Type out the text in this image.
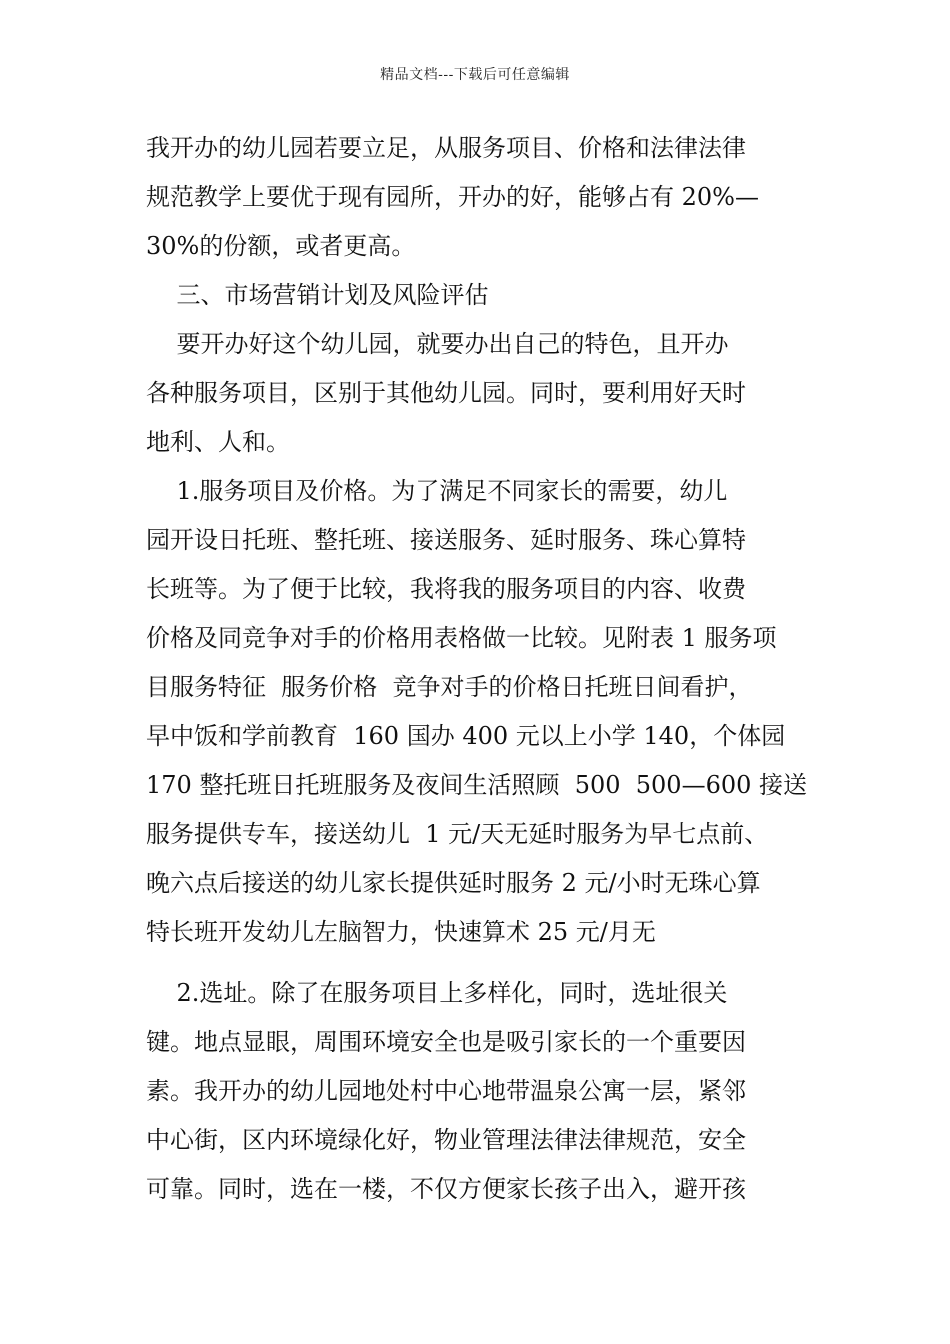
精品文档---下载后可任意编辑
我开办的幼儿园若要立足，从服务项目、价格和法律法律
规范教学上要优于现有园所，开办的好，能够占有 20%—
30%的份额，或者更高。
三、市场营销计划及风险评估
要开办好这个幼儿园，就要办出自己的特色，且开办
各种服务项目，区别于其他幼儿园。同时，要利用好天时
地利、人和。
1.服务项目及价格。为了满足不同家长的需要，幼儿
园开设日托班、整托班、接送服务、延时服务、珠心算特
长班等。为了便于比较，我将我的服务项目的内容、收费
价格及同竞争对手的价格用表格做一比较。见附表 1 服务项
目服务特征  服务价格  竞争对手的价格日托班日间看护，
早中饭和学前教育  160 国办 400 元以上小学 140，个体园
170 整托班日托班服务及夜间生活照顾  500  500—600 接送
服务提供专车，接送幼儿  1 元/天无延时服务为早七点前、
晚六点后接送的幼儿家长提供延时服务 2 元/小时无珠心算
特长班开发幼儿左脑智力，快速算术 25 元/月无
2.选址。除了在服务项目上多样化，同时，选址很关
键。地点显眼，周围环境安全也是吸引家长的一个重要因
素。我开办的幼儿园地处村中心地带温泉公寓一层，紧邻
中心街，区内环境绿化好，物业管理法律法律规范，安全
可靠。同时，选在一楼，不仅方便家长孩子出入，避开孩
